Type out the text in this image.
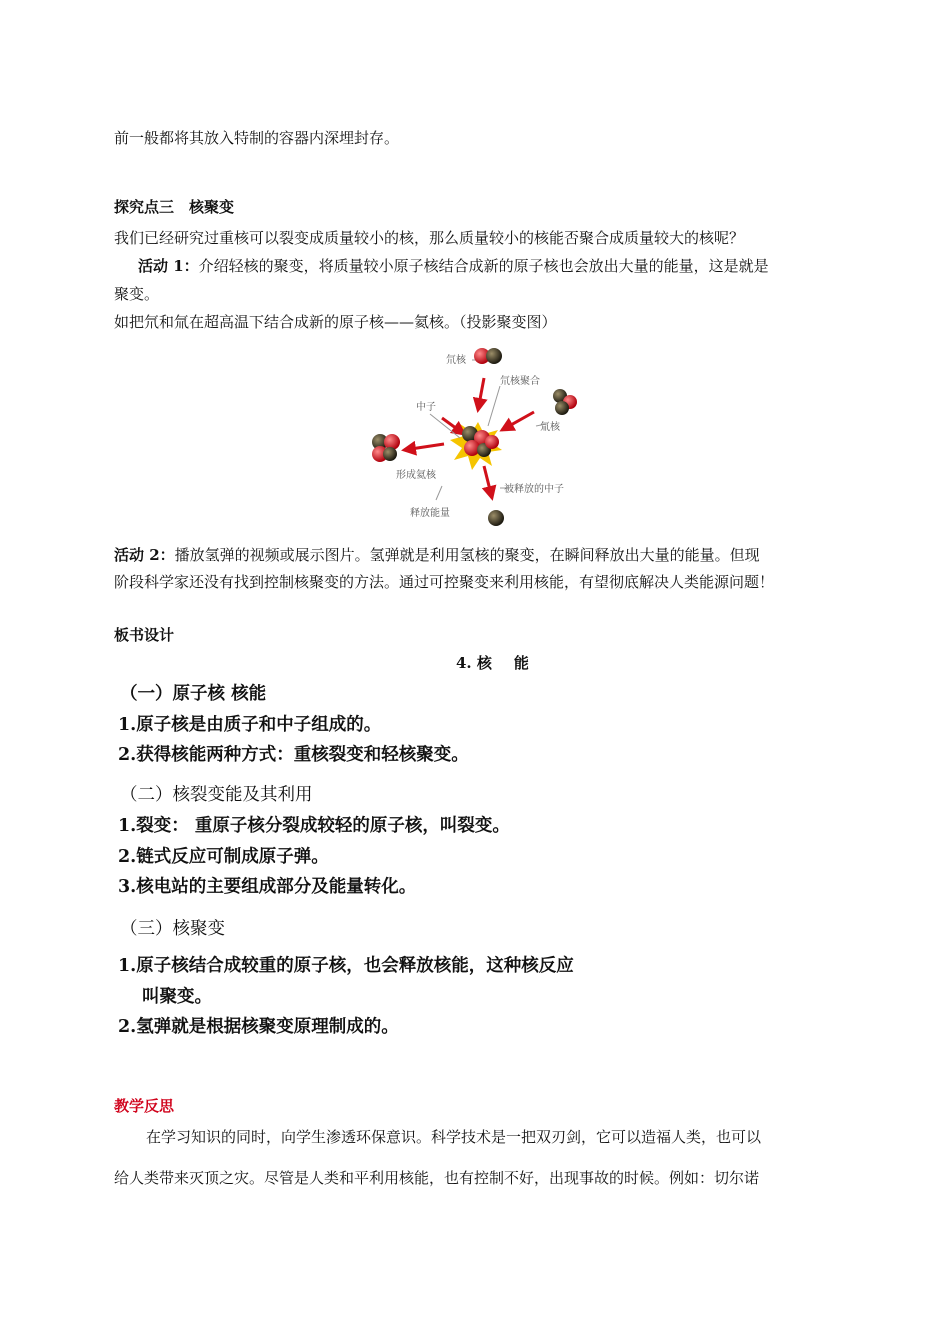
前一般都将其放入特制的容器内深埋封存。
探究点三　核聚变
我们已经研究过重核可以裂变成质量较小的核，那么质量较小的核能否聚合成质量较大的核呢？
活动 1：介绍轻核的聚变，将质量较小原子核结合成新的原子核也会放出大量的能量，这是就是
聚变。
如把氘和氚在超高温下结合成新的原子核——氦核。（投影聚变图）
氘核
氘核聚合
中子
氚核
形成氦核
释放能量
被释放的中子
活动 2：播放氢弹的视频或展示图片。氢弹就是利用氢核的聚变，在瞬间释放出大量的能量。但现
阶段科学家还没有找到控制核聚变的方法。通过可控聚变来利用核能，有望彻底解决人类能源问题！
板书设计
4. 核 能
（一）原子核 核能
1.原子核是由质子和中子组成的。
2.获得核能两种方式：重核裂变和轻核聚变。
（二）核裂变能及其利用
1.裂变： 重原子核分裂成较轻的原子核，叫裂变。
2.链式反应可制成原子弹。
3.核电站的主要组成部分及能量转化。
（三）核聚变
1.原子核结合成较重的原子核，也会释放核能，这种核反应
叫聚变。
2.氢弹就是根据核聚变原理制成的。
教学反思
在学习知识的同时，向学生渗透环保意识。科学技术是一把双刃剑，它可以造福人类，也可以
给人类带来灭顶之灾。尽管是人类和平利用核能，也有控制不好，出现事故的时候。例如：切尔诺
